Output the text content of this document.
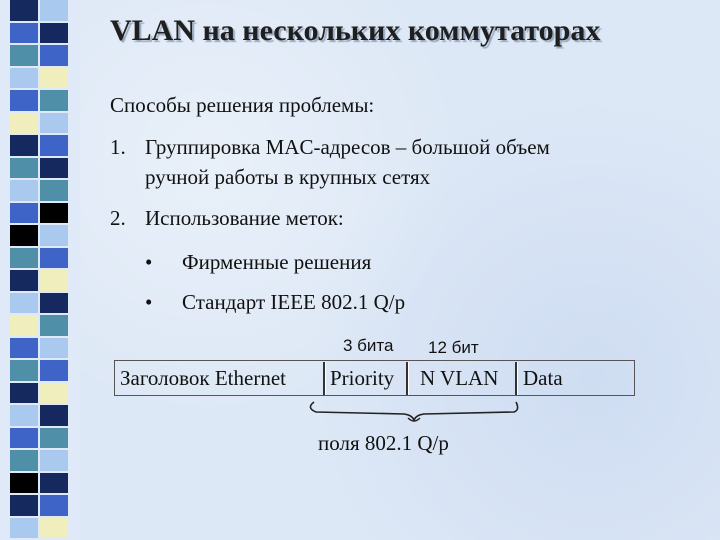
VLAN на нескольких коммутаторах
Способы решения проблемы:
1. Группировка MAC-адресов – большой объем
ручной работы в крупных сетях
2. Использование меток:
• Фирменные решения
• Стандарт IEEE 802.1 Q/p
3 бита 12 бит
Заголовок Ethernet Priority N VLAN Data
поля 802.1 Q/p
